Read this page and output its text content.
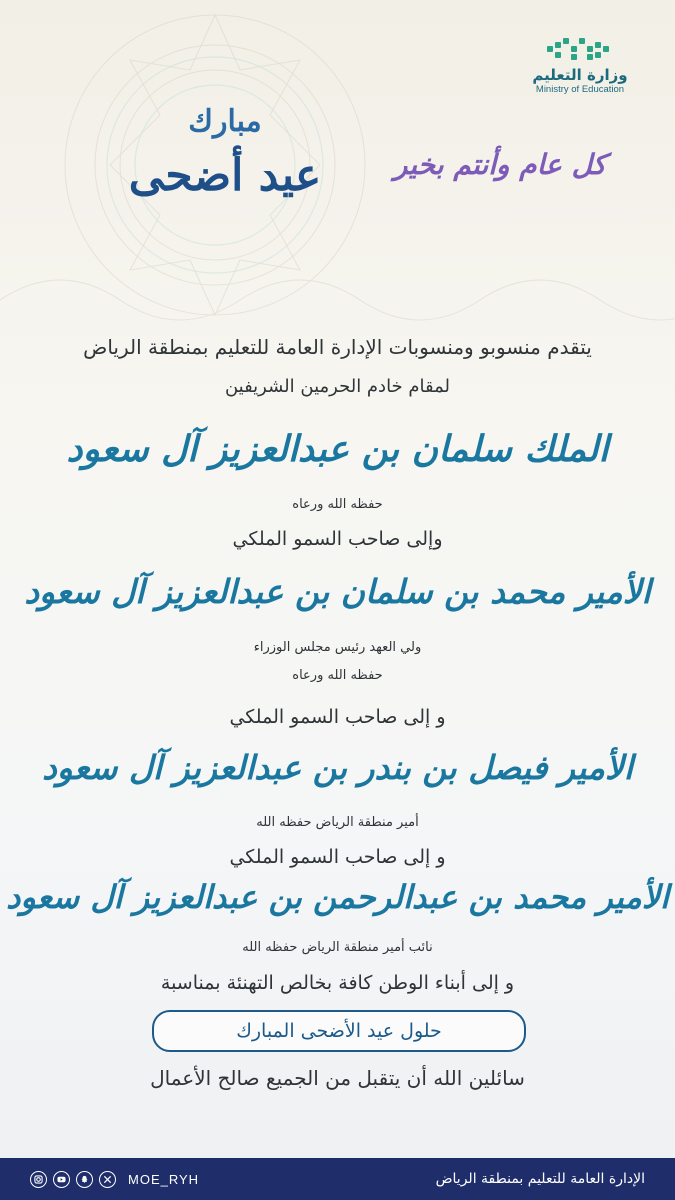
وزارة التعليم
Ministry of Education
مبارك
عيد أضحى	كل عام وأنتم بخير
يتقدم منسوبو ومنسوبات الإدارة العامة للتعليم بمنطقة الرياض
لمقام خادم الحرمين الشريفين
الملك سلمان بن عبدالعزيز آل سعود
حفظه الله ورعاه
وإلى صاحب السمو الملكي
الأمير محمد بن سلمان بن عبدالعزيز آل سعود
ولي العهد رئيس مجلس الوزراء
حفظه الله ورعاه
و إلى صاحب السمو الملكي
الأمير فيصل بن بندر بن عبدالعزيز آل سعود
أمير منطقة الرياض حفظه الله
و إلى صاحب السمو الملكي
الأمير محمد بن عبدالرحمن بن عبدالعزيز آل سعود
نائب أمير منطقة الرياض حفظه الله
و إلى أبناء الوطن كافة بخالص التهنئة بمناسبة
حلول عيد الأضحى المبارك
سائلين الله أن يتقبل من الجميع صالح الأعمال
الإدارة العامة للتعليم بمنطقة الرياض
MOE_RYH
